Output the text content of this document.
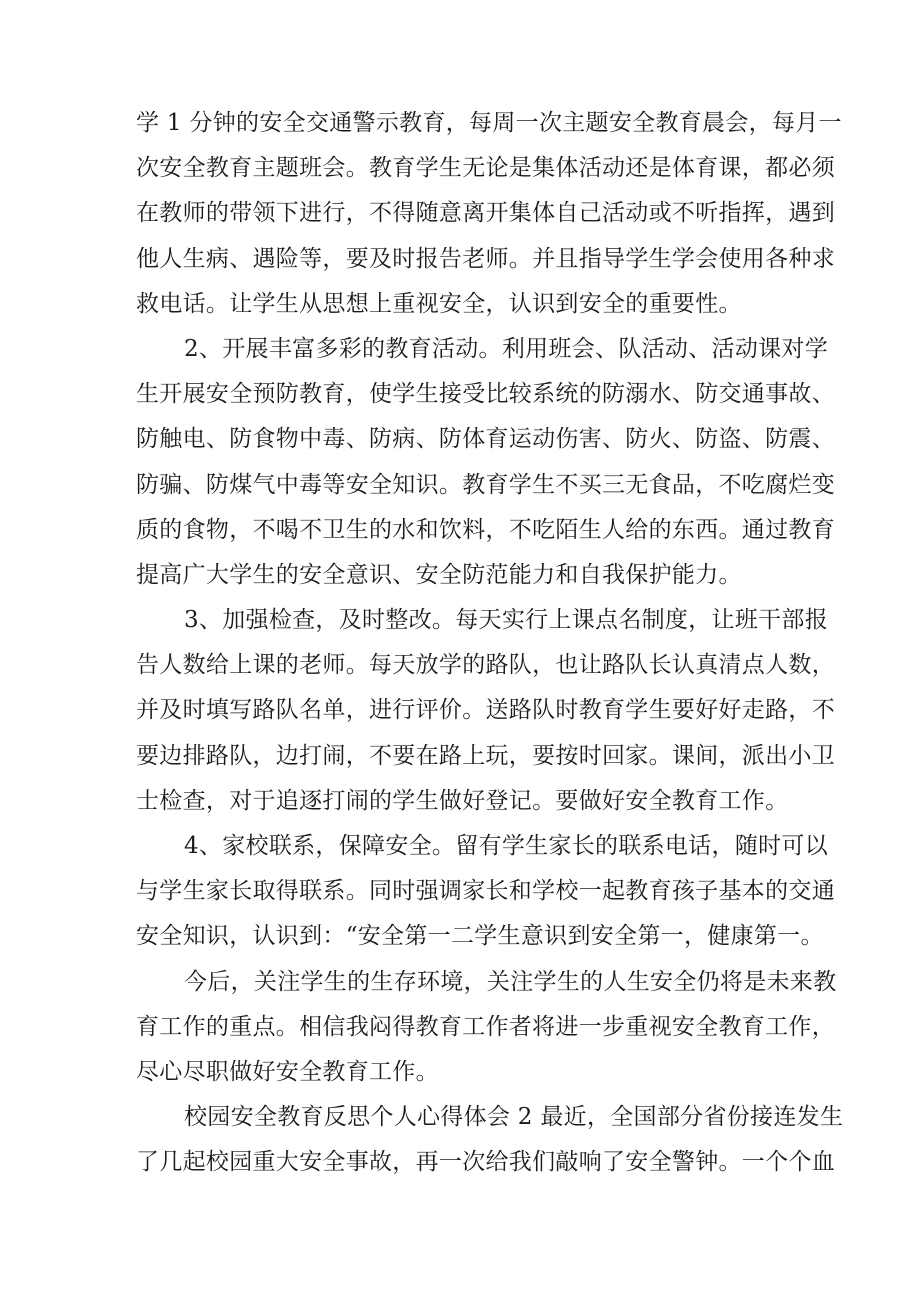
学 1 分钟的安全交通警示教育，每周一次主题安全教育晨会，每月一
次安全教育主题班会。教育学生无论是集体活动还是体育课，都必须
在教师的带领下进行，不得随意离开集体自己活动或不听指挥，遇到
他人生病、遇险等，要及时报告老师。并且指导学生学会使用各种求
救电话。让学生从思想上重视安全，认识到安全的重要性。

2、开展丰富多彩的教育活动。利用班会、队活动、活动课对学
生开展安全预防教育，使学生接受比较系统的防溺水、防交通事故、
防触电、防食物中毒、防病、防体育运动伤害、防火、防盗、防震、
防骗、防煤气中毒等安全知识。教育学生不买三无食品，不吃腐烂变
质的食物，不喝不卫生的水和饮料，不吃陌生人给的东西。通过教育
提高广大学生的安全意识、安全防范能力和自我保护能力。

3、加强检查，及时整改。每天实行上课点名制度，让班干部报
告人数给上课的老师。每天放学的路队，也让路队长认真清点人数，
并及时填写路队名单，进行评价。送路队时教育学生要好好走路，不
要边排路队，边打闹，不要在路上玩，要按时回家。课间，派出小卫
士检查，对于追逐打闹的学生做好登记。要做好安全教育工作。

4、家校联系，保障安全。留有学生家长的联系电话，随时可以
与学生家长取得联系。同时强调家长和学校一起教育孩子基本的交通
安全知识，认识到：“安全第一二学生意识到安全第一，健康第一。

今后，关注学生的生存环境，关注学生的人生安全仍将是未来教
育工作的重点。相信我闷得教育工作者将进一步重视安全教育工作，
尽心尽职做好安全教育工作。

校园安全教育反思个人心得体会 2 最近，全国部分省份接连发生
了几起校园重大安全事故，再一次给我们敲响了安全警钟。一个个血
